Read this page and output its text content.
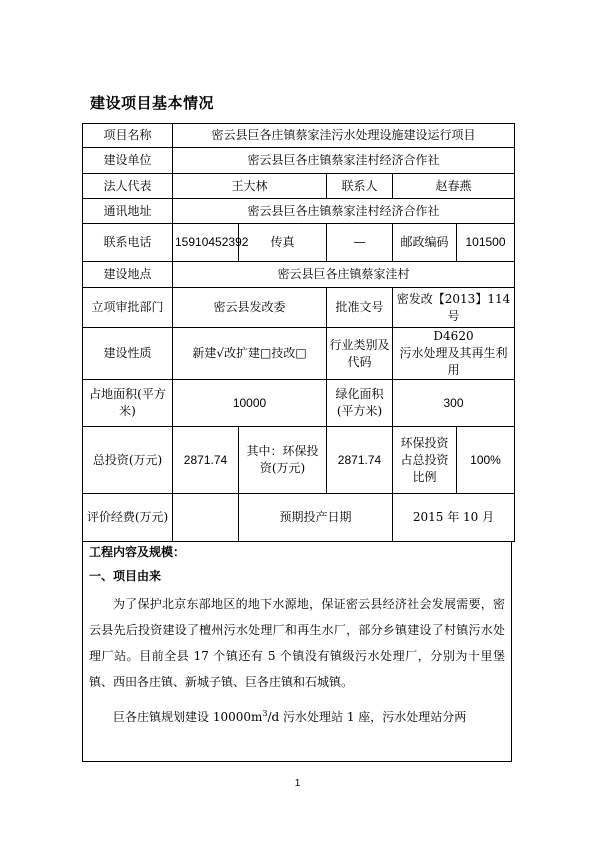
建设项目基本情况
项目名称	密云县巨各庄镇蔡家洼污水处理设施建设运行项目				
建设单位	密云县巨各庄镇蔡家洼村经济合作社				
法人代表	王大林		联系人	赵春燕	
通讯地址	密云县巨各庄镇蔡家洼村经济合作社				
联系电话	15910452392	传真	—	邮政编码	101500
建设地点	密云县巨各庄镇蔡家洼村				
立项审批部门	密云县发改委		批准文号	密发改【2013】114 号	
建设性质	新建√改扩建□技改□		行业类别及代码	D4620
污水处理及其再生利用	

占地面积(平方米)	10000		绿化面积(平方米)	300	
总投资(万元)	2871.74	其中：环保投资(万元)	2871.74	环保投资占总投资比例	100%
评价经费(万元)		预期投产日期		2015 年 10 月	
工程内容及规模：
一、项目由来

为了保护北京东部地区的地下水源地，保证密云县经济社会发展需要，密云县先后投资建设了檀州污水处理厂和再生水厂，部分乡镇建设了村镇污水处理厂站。目前全县 17 个镇还有 5 个镇没有镇级污水处理厂，分别为十里堡镇、西田各庄镇、新城子镇、巨各庄镇和石城镇。

巨各庄镇规划建设 $10000m^3/d$ 污水处理站 1 座，污水处理站分两

1
